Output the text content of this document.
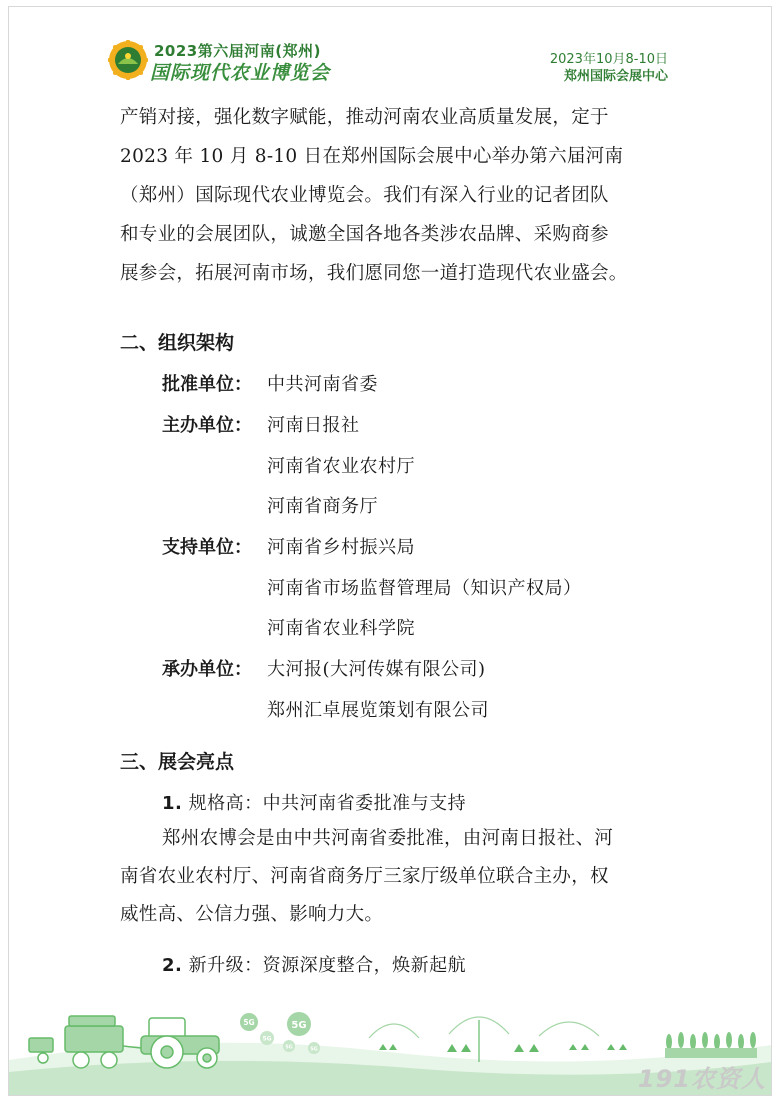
2023第六届河南(郑州)
国际现代农业博览会
2023年10月8-10日
郑州国际会展中心
产销对接，强化数字赋能，推动河南农业高质量发展，定于
2023 年 10 月 8-10 日在郑州国际会展中心举办第六届河南
（郑州）国际现代农业博览会。我们有深入行业的记者团队
和专业的会展团队，诚邀全国各地各类涉农品牌、采购商参
展参会，拓展河南市场，我们愿同您一道打造现代农业盛会。
二、组织架构
批准单位： 中共河南省委
主办单位： 河南日报社
河南省农业农村厅
河南省商务厅
支持单位： 河南省乡村振兴局
河南省市场监督管理局（知识产权局）
河南省农业科学院
承办单位： 大河报(大河传媒有限公司)
郑州汇卓展览策划有限公司
三、展会亮点
1. 规格高：中共河南省委批准与支持
郑州农博会是由中共河南省委批准，由河南日报社、河
南省农业农村厅、河南省商务厅三家厅级单位联合主办，权
威性高、公信力强、影响力大。
2. 新升级：资源深度整合，焕新起航
5G
5G
5G
5G	5G
191农资人
